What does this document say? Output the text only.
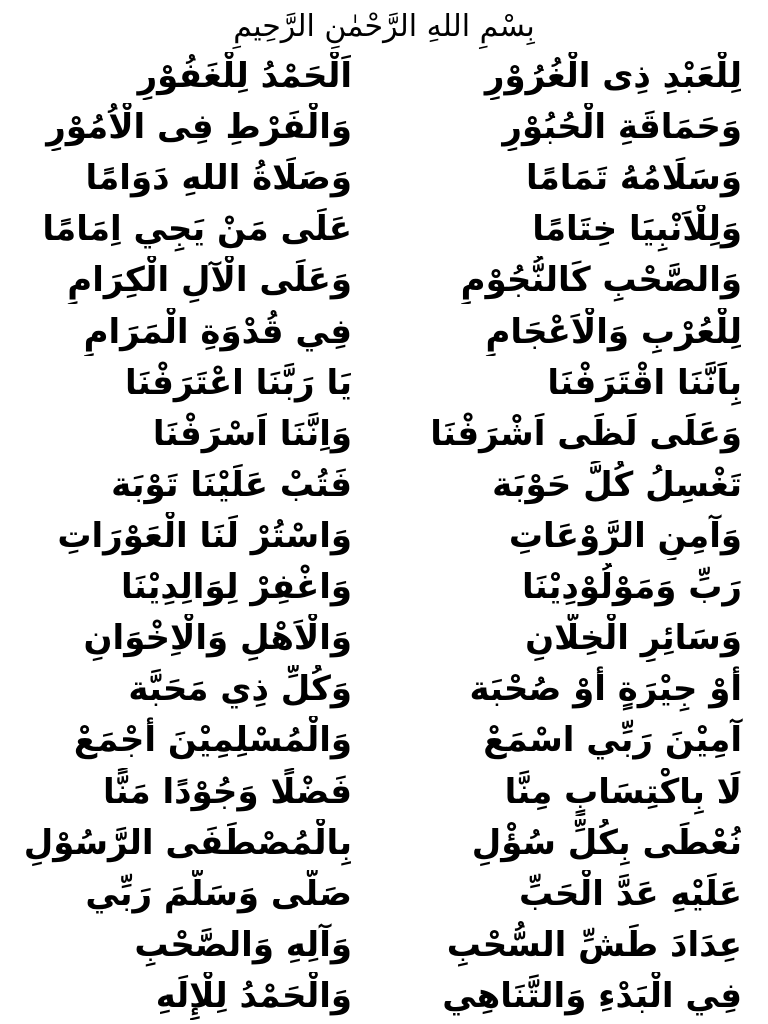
بِسْمِ اللهِ الرَّحْمٰنِ الرَّحِيمِ
اَلْحَمْدُ لِلْغَفُوْرِ	لِلْعَبْدِ ذِى الْغُرُوْرِ
وَالْفَرْطِ فِى الْاُمُوْرِ	وَحَمَاقَةِ الْحُبُوْرِ
وَصَلَاةُ اللهِ دَوَامًا	وَسَلَامُهُ تَمَامًا
عَلَى مَنْ يَجِي اِمَامًا	وَلِلْاَنْبِيَا خِتَامًا
وَعَلَى الْآلِ الْكِرَامِ	وَالصَّحْبِ كَالنُّجُوْمِ
فِي قُدْوَةِ الْمَرَامِ	لِلْعُرْبِ وَالْاَعْجَامِ
يَا رَبَّنَا اعْتَرَفْنَا	بِاَنَّنَا اقْتَرَفْنَا
وَاِنَّنَا اَسْرَفْنَا	وَعَلَى لَظَى اَشْرَفْنَا
فَتُبْ عَلَيْنَا تَوْبَة	تَغْسِلُ كُلَّ حَوْبَة
وَاسْتُرْ لَنَا الْعَوْرَاتِ	وَآمِنِ الرَّوْعَاتِ
وَاغْفِرْ لِوَالِدِيْنَا	رَبِّ وَمَوْلُوْدِيْنَا
وَالْاَهْلِ وَالْاِخْوَانِ	وَسَائِرِ الْخِلَّانِ
وَكُلِّ ذِي مَحَبَّة	أَوْ جِيْرَةٍ أَوْ صُحْبَة
وَالْمُسْلِمِيْنَ أَجْمَعْ	آمِيْنَ رَبِّي اسْمَعْ
فَضْلًا وَجُوْدًا مَنًّا	لَا بِاكْتِسَابٍ مِنَّا
بِالْمُصْطَفَى الرَّسُوْلِ	نُعْطَى بِكُلِّ سُؤْلِ
صَلَّى وَسَلَّمَ رَبِّي	عَلَيْهِ عَدَّ الْحَبِّ
وَآلِهِ وَالصَّحْبِ	عِدَادَ طَشِّ السُّحْبِ
وَالْحَمْدُ لِلْإِلَهِ	فِي الْبَدْءِ وَالتَّنَاهِي
